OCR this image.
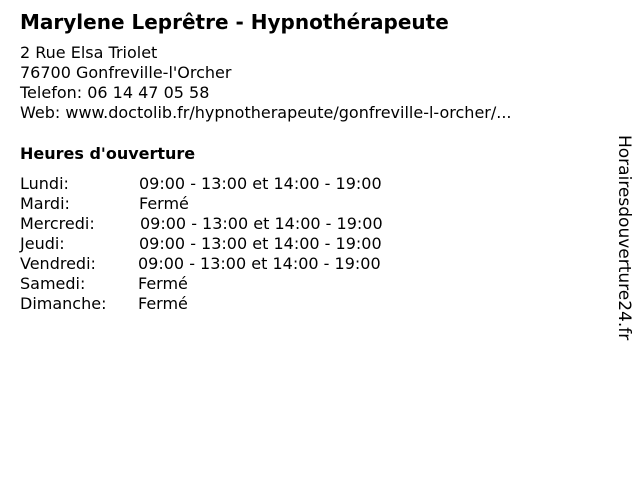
Marylene Leprêtre - Hypnothérapeute
2 Rue Elsa Triolet
76700 Gonfreville-l'Orcher
Telefon: 06 14 47 05 58
Web: www.doctolib.fr/hypnotherapeute/gonfreville-l-orcher/...
Heures d'ouverture
Lundi:	09:00 - 13:00 et 14:00 - 19:00
Mardi:	Fermé
Mercredi:	09:00 - 13:00 et 14:00 - 19:00
Jeudi:	09:00 - 13:00 et 14:00 - 19:00
Vendredi:	09:00 - 13:00 et 14:00 - 19:00
Samedi:	Fermé
Dimanche: Fermé	Horairesdouverture24.fr
